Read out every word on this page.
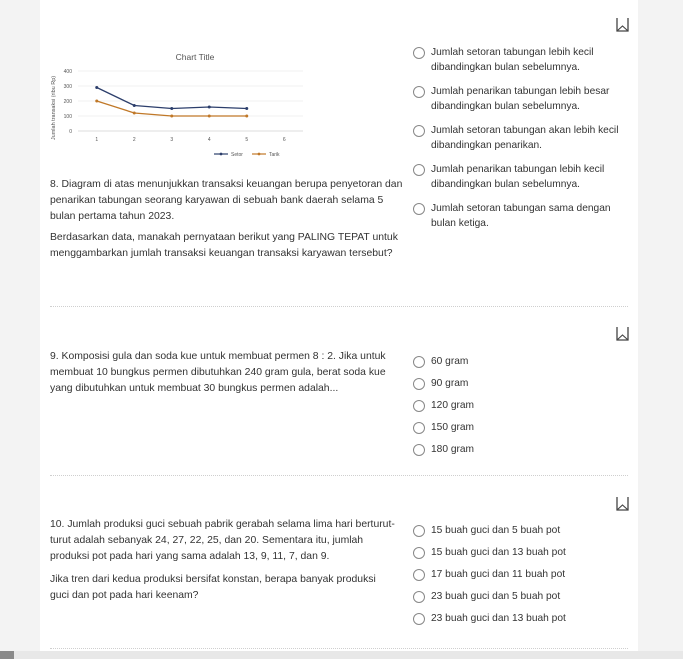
Chart Title
Jumlah transaksi (ribu Rp) 0
100
200
300
400
1	2	3	4	5	6
Setor	Tarik

8. Diagram di atas menunjukkan transaksi keuangan berupa penyetoran dan penarikan tabungan seorang karyawan di sebuah bank daerah selama 5 bulan pertama tahun 2023.

Berdasarkan data, manakah pernyataan berikut yang PALING TEPAT untuk menggambarkan jumlah transaksi keuangan transaksi karyawan tersebut?

Jumlah setoran tabungan lebih kecil dibandingkan bulan sebelumnya.
Jumlah penarikan tabungan lebih besar dibandingkan bulan sebelumnya.
Jumlah setoran tabungan akan lebih kecil dibandingkan penarikan.
Jumlah penarikan tabungan lebih kecil dibandingkan bulan sebelumnya.
Jumlah setoran tabungan sama dengan bulan ketiga.

9. Komposisi gula dan soda kue untuk membuat permen 8 : 2. Jika untuk membuat 10 bungkus permen dibutuhkan 240 gram gula, berat soda kue yang dibutuhkan untuk membuat 30 bungkus permen adalah...

60 gram
90 gram
120 gram
150 gram
180 gram

10. Jumlah produksi guci sebuah pabrik gerabah selama lima hari berturut-turut adalah sebanyak 24, 27, 22, 25, dan 20. Sementara itu, jumlah produksi pot pada hari yang sama adalah 13, 9, 11, 7, dan 9.

Jika tren dari kedua produksi bersifat konstan, berapa banyak produksi guci dan pot pada hari keenam?

15 buah guci dan 5 buah pot
15 buah guci dan 13 buah pot
17 buah guci dan 11 buah pot
23 buah guci dan 5 buah pot
23 buah guci dan 13 buah pot
